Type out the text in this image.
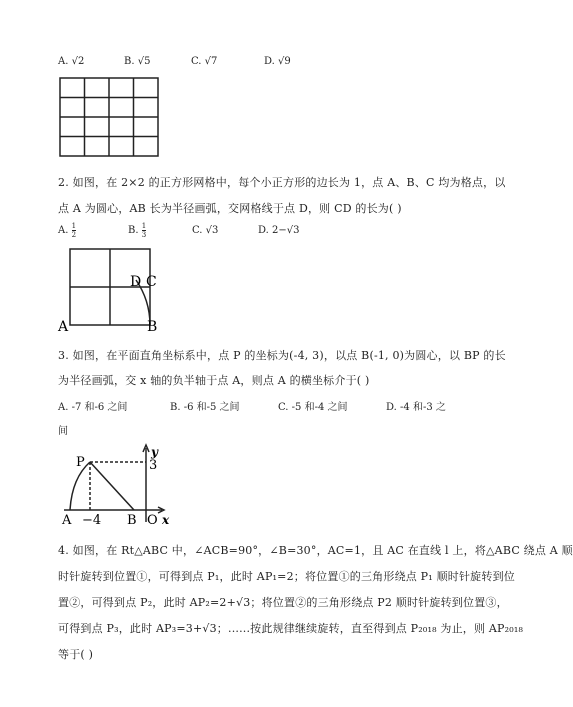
A. √2	B. √5	C. √7	D. √9
2. 如图，在 2×2 的正方形网格中，每个小正方形的边长为 1，点 A、B、C 均为格点，以
点 A 为圆心，AB 长为半径画弧，交网格线于点 D，则 CD 的长为( )
A. $\frac{1}{2}$	B. $\frac{1}{3}$	C. √3	D. 2−√3
D C
A	B
3. 如图，在平面直角坐标系中，点 P 的坐标为(-4, 3)，以点 B(-1, 0)为圆心，以 BP 的长
为半径画弧，交 x 轴的负半轴于点 A，则点 A 的横坐标介于( )
A. -7 和-6 之间	B. -6 和-5 之间	C. -5 和-4 之间	D. -4 和-3 之
间
y
P	3
A −4 B O x
4. 如图，在 Rt△ABC 中，∠ACB=90°，∠B=30°，AC=1，且 AC 在直线 l 上，将△ABC 绕点 A 顺
时针旋转到位置①，可得到点 P₁，此时 AP₁=2；将位置①的三角形绕点 P₁ 顺时针旋转到位
置②，可得到点 P₂，此时 AP₂=2+√3；将位置②的三角形绕点 P2 顺时针旋转到位置③，
可得到点 P₃，此时 AP₃=3+√3；......按此规律继续旋转，直至得到点 P₂₀₁₈ 为止，则 AP₂₀₁₈
等于( )
